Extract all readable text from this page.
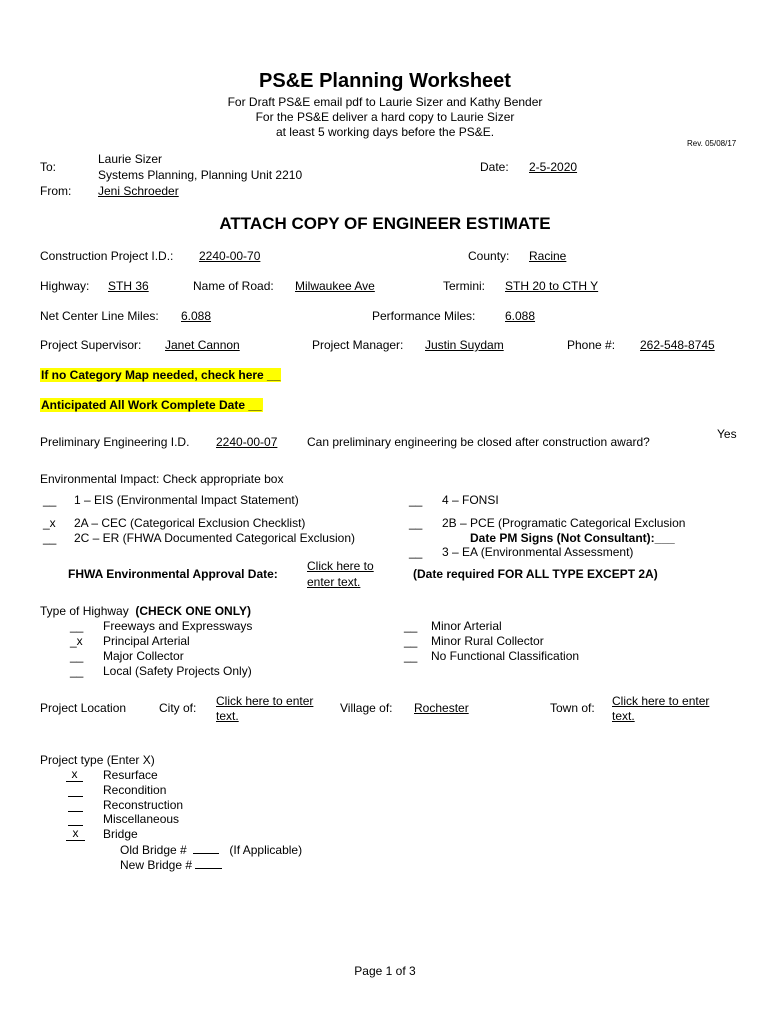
PS&E Planning Worksheet
For Draft PS&E email pdf to Laurie Sizer and Kathy Bender
For the PS&E deliver a hard copy to Laurie Sizer
at least 5 working days before the PS&E.
Rev. 05/08/17
To:
Laurie Sizer
Systems Planning, Planning Unit 2210
From: Jeni Schroeder
Date: 2-5-2020
ATTACH COPY OF ENGINEER ESTIMATE
Construction Project I.D.: 2240-00-70	County: Racine
Highway: STH 36	Name of Road: Milwaukee Ave	Termini: STH 20 to CTH Y
Net Center Line Miles: 6.088	Performance Miles: 6.088
Project Supervisor: Janet Cannon	Project Manager: Justin Suydam	Phone #: 262-548-8745
If no Category Map needed, check here __
Anticipated All Work Complete Date __
Preliminary Engineering I.D. 2240-00-07 Can preliminary engineering be closed after construction award?
Yes
Environmental Impact: Check appropriate box
__ 1 – EIS (Environmental Impact Statement)	__ 4 – FONSI
_x 2A – CEC (Categorical Exclusion Checklist)	__ 2B – PCE (Programatic Categorical Exclusion
__ 2C – ER (FHWA Documented Categorical Exclusion)	Date PM Signs (Not Consultant):___
__ 3 – EA (Environmental Assessment)
FHWA Environmental Approval Date:
Click here to
enter text.
(Date required FOR ALL TYPE EXCEPT 2A)
Type of Highway (CHECK ONE ONLY)
__ Freeways and Expressways
_x Principal Arterial
__ Major Collector
__ Local (Safety Projects Only)
__ Minor Arterial
__ Minor Rural Collector
__ No Functional Classification
Project Location	City of: Click here to enter
text.
Village of: Rochester	Town of: Click here to enter
text.
Project type (Enter X)
x	Resurface
Recondition
Reconstruction
Miscellaneous
x	Bridge
Old Bridge #	(If Applicable)
New Bridge #
Page 1 of 3
